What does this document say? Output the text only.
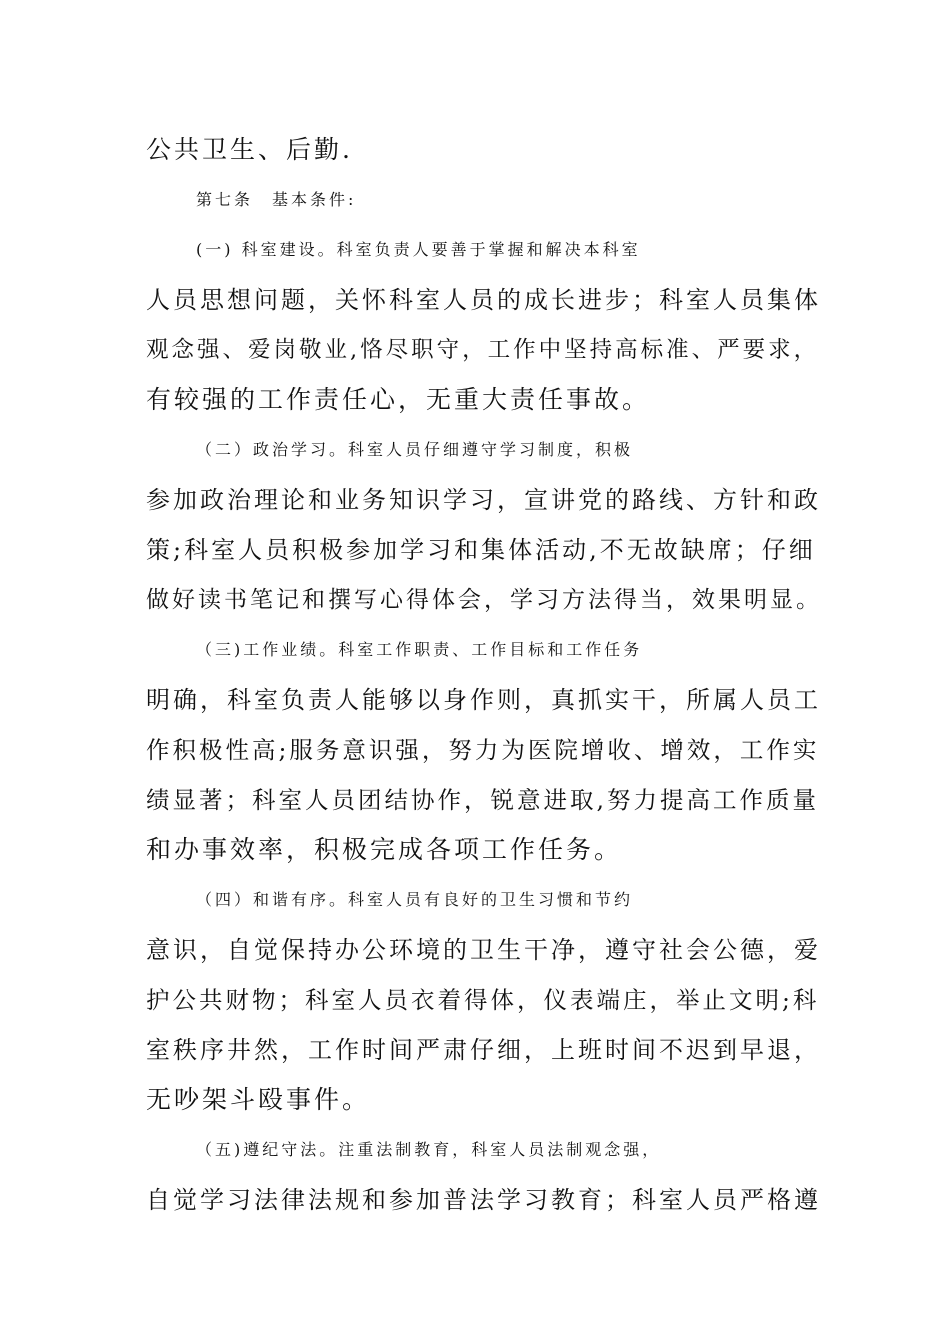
公共卫生、后勤.
第七条　基本条件:
(一) 科室建设。科室负责人要善于掌握和解决本科室
人员思想问题，关怀科室人员的成长进步；科室人员集体
观念强、爱岗敬业,恪尽职守，工作中坚持高标准、严要求，
有较强的工作责任心，无重大责任事故。
（二）政治学习。科室人员仔细遵守学习制度，积极
参加政治理论和业务知识学习，宣讲党的路线、方针和政
策;科室人员积极参加学习和集体活动,不无故缺席；仔细
做好读书笔记和撰写心得体会，学习方法得当，效果明显。
（三)工作业绩。科室工作职责、工作目标和工作任务
明确，科室负责人能够以身作则，真抓实干，所属人员工
作积极性高;服务意识强，努力为医院增收、增效，工作实
绩显著；科室人员团结协作，锐意进取,努力提高工作质量
和办事效率，积极完成各项工作任务。
（四）和谐有序。科室人员有良好的卫生习惯和节约
意识，自觉保持办公环境的卫生干净，遵守社会公德，爱
护公共财物；科室人员衣着得体，仪表端庄，举止文明;科
室秩序井然，工作时间严肃仔细，上班时间不迟到早退，
无吵架斗殴事件。
（五)遵纪守法。注重法制教育，科室人员法制观念强，
自觉学习法律法规和参加普法学习教育；科室人员严格遵
